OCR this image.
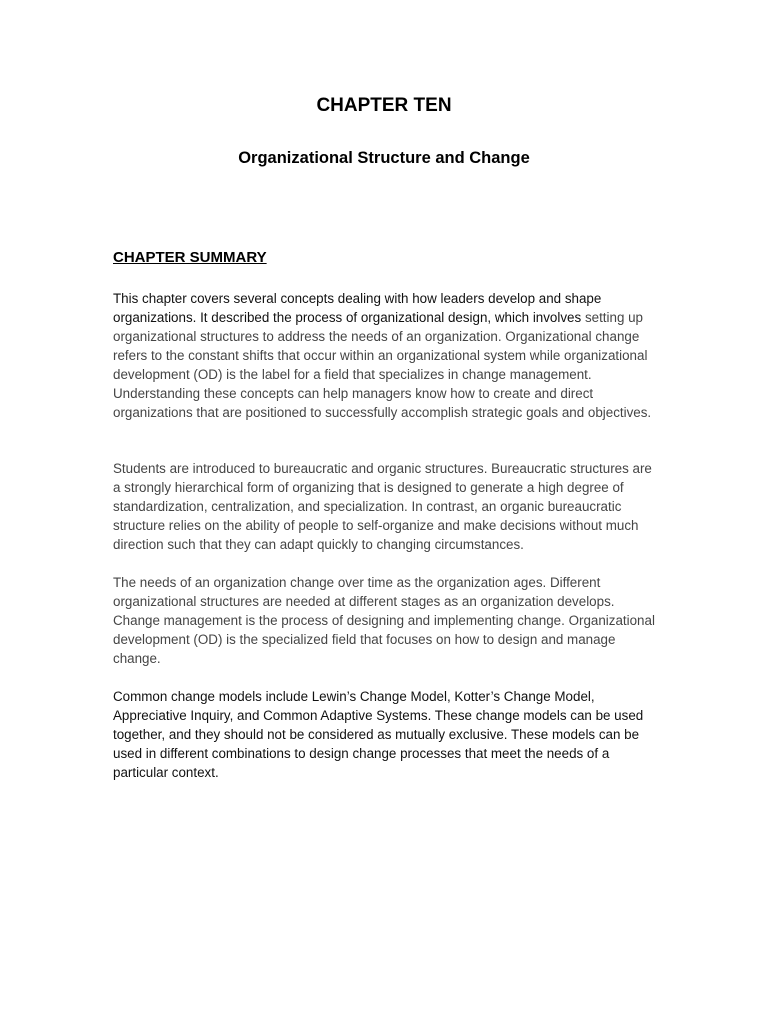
CHAPTER TEN
Organizational Structure and Change
CHAPTER SUMMARY

This chapter covers several concepts dealing with how leaders develop and shape organizations. It described the process of organizational design, which involves setting up organizational structures to address the needs of an organization. Organizational change refers to the constant shifts that occur within an organizational system while organizational development (OD) is the label for a field that specializes in change management. Understanding these concepts can help managers know how to create and direct organizations that are positioned to successfully accomplish strategic goals and objectives.

Students are introduced to bureaucratic and organic structures. Bureaucratic structures are a strongly hierarchical form of organizing that is designed to generate a high degree of standardization, centralization, and specialization. In contrast, an organic bureaucratic structure relies on the ability of people to self-organize and make decisions without much direction such that they can adapt quickly to changing circumstances.

The needs of an organization change over time as the organization ages. Different organizational structures are needed at different stages as an organization develops. Change management is the process of designing and implementing change. Organizational development (OD) is the specialized field that focuses on how to design and manage change.

Common change models include Lewin’s Change Model, Kotter’s Change Model, Appreciative Inquiry, and Common Adaptive Systems. These change models can be used together, and they should not be considered as mutually exclusive. These models can be used in different combinations to design change processes that meet the needs of a particular context.
